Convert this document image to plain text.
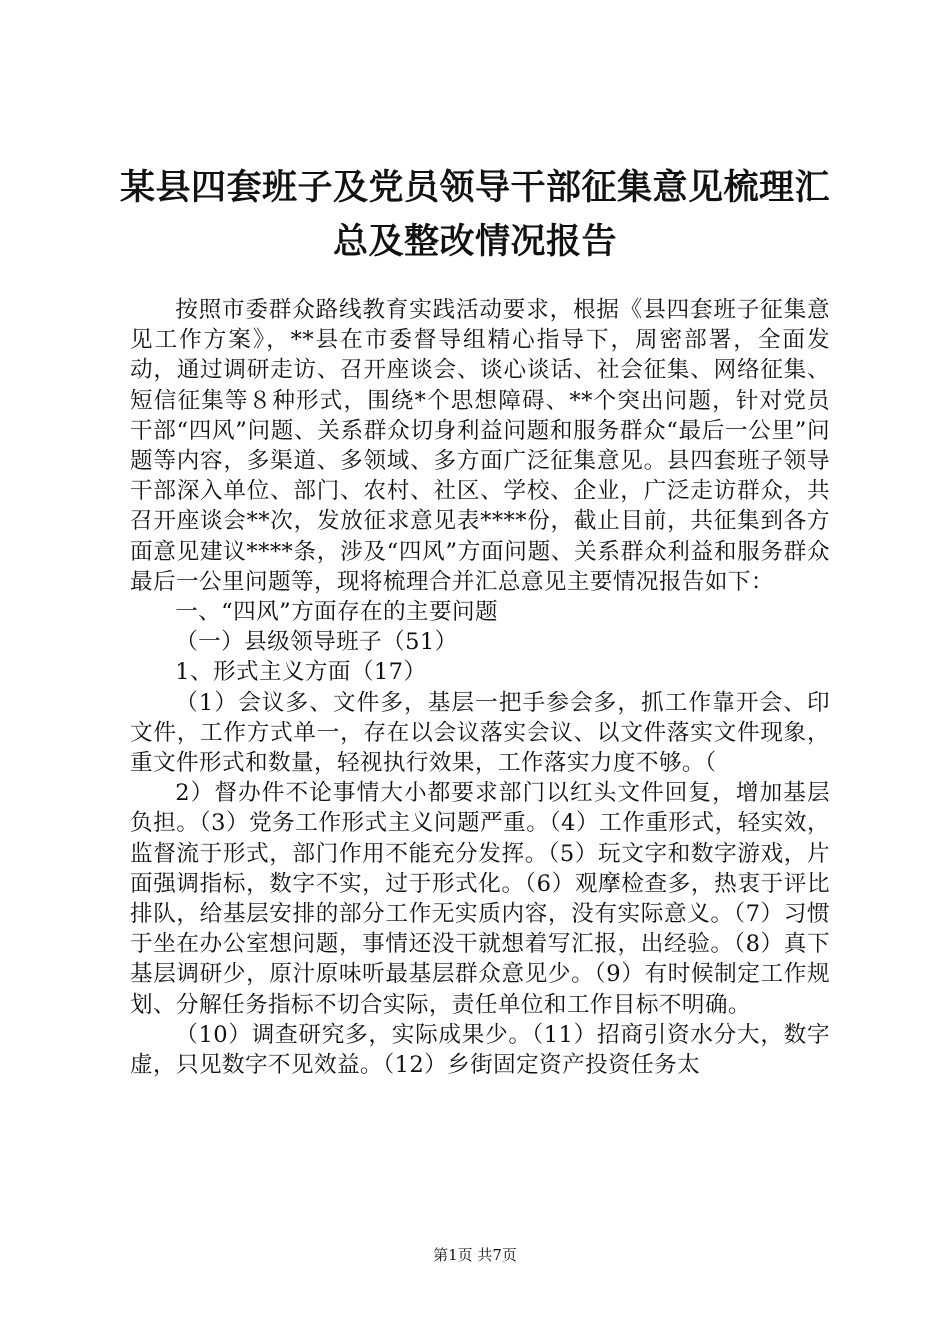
某县四套班子及党员领导干部征集意见梳理汇
总及整改情况报告

按照市委群众路线教育实践活动要求，根据《县四套班子征集意见工作方案》，**县在市委督导组精心指导下，周密部署，全面发动，通过调研走访、召开座谈会、谈心谈话、社会征集、网络征集、短信征集等８种形式，围绕*个思想障碍、**个突出问题，针对党员干部“四风”问题、关系群众切身利益问题和服务群众“最后一公里”问题等内容，多渠道、多领域、多方面广泛征集意见。县四套班子领导干部深入单位、部门、农村、社区、学校、企业，广泛走访群众，共召开座谈会**次，发放征求意见表****份，截止目前，共征集到各方面意见建议****条，涉及“四风”方面问题、关系群众利益和服务群众最后一公里问题等，现将梳理合并汇总意见主要情况报告如下：

一、“四风”方面存在的主要问题

（一）县级领导班子（51）

1、形式主义方面（17）

（1）会议多、文件多，基层一把手参会多，抓工作靠开会、印文件，工作方式单一，存在以会议落实会议、以文件落实文件现象，重文件形式和数量，轻视执行效果，工作落实力度不够。（

2）督办件不论事情大小都要求部门以红头文件回复，增加基层负担。（3）党务工作形式主义问题严重。（4）工作重形式，轻实效，监督流于形式，部门作用不能充分发挥。（5）玩文字和数字游戏，片面强调指标，数字不实，过于形式化。（6）观摩检查多，热衷于评比排队，给基层安排的部分工作无实质内容，没有实际意义。（7）习惯于坐在办公室想问题，事情还没干就想着写汇报，出经验。（8）真下基层调研少，原汁原味听最基层群众意见少。（9）有时候制定工作规划、分解任务指标不切合实际，责任单位和工作目标不明确。

（10）调查研究多，实际成果少。（11）招商引资水分大，数字虚，只见数字不见效益。（12）乡街固定资产投资任务太

第1页 共7页
